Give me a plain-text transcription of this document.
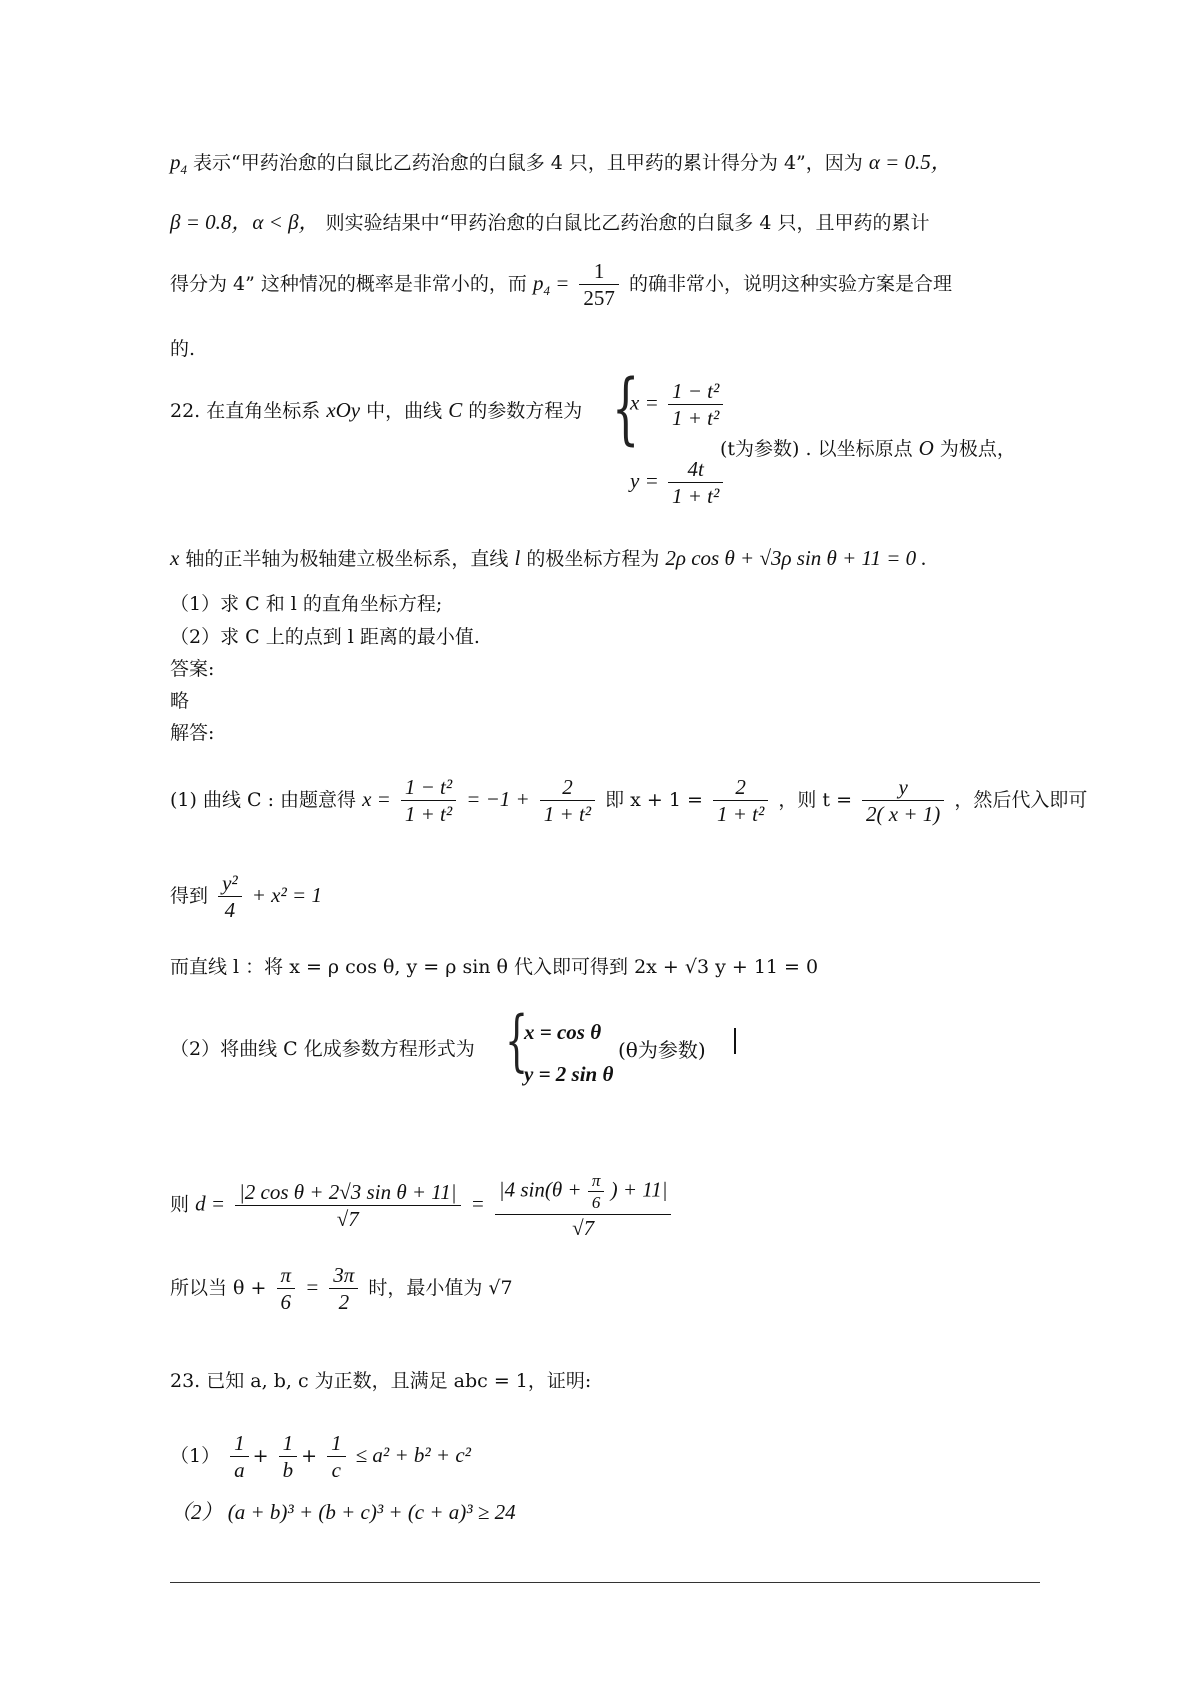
$p_4$ 表示“甲药治愈的白鼠比乙药治愈的白鼠多 4 只，且甲药的累计得分为 4”，因为 α = 0.5，
β = 0.8，α < β， 则实验结果中“甲药治愈的白鼠比乙药治愈的白鼠多 4 只，且甲药的累计
得分为 4” 这种情况的概率是非常小的，而 $p_4 = \frac{1}{257}$ 的确非常小，说明这种实验方案是合理
的.
22. 在直角坐标系 xOy 中，曲线 C 的参数方程为 {
$x = \frac{\text{1 − t²}}{\text{1 + t²}}$
$y = \frac{4t}{\text{1 + t²}}$
(t为参数) . 以坐标原点 O 为极点，
x 轴的正半轴为极轴建立极坐标系，直线 l 的极坐标方程为 2ρ cos θ + √3ρ sin θ + 11 = 0 .
（1）求 C 和 l 的直角坐标方程;
（2）求 C 上的点到 l 距离的最小值.
答案:
略
解答:
(1) 曲线 C : 由题意得 $x = \frac{\text{1 − t²}}{\text{1 + t²}} = -1 + \frac{2}{\text{1 + t²}}$ 即 $x + 1 = \frac{2}{\text{1 + t²}}$ ，则 $t = \frac{y}{2( x + 1)}$ ，然后代入即可
得到 $\frac{\text{y²}}{4} + x^2 = 1$
而直线 l ：将 x = ρ cos θ, y = ρ sin θ 代入即可得到 2x + √3 y + 11 = 0
（2）将曲线 C 化成参数方程形式为 {
x = cos θ
y = 2 sin θ
(θ为参数)
则 $d = \frac{\text{|2 cos θ + 2√3 sin θ + 11|}}{√7} = \frac{|4 \sin(\theta + \frac{\pi}{6} ) + 11|}{√7}$
所以当 $\theta + \frac{\pi}{6} = \frac{3\pi}{2}$ 时，最小值为 √7
23. 已知 a, b, c 为正数，且满足 abc = 1，证明:
$(1) \frac{1}{a} + \frac{1}{b} + \frac{1}{c} \le a^2 + b^2 + c^2$
（2） (a + b)³ + (b + c)³ + (c + a)³ ≥ 24
